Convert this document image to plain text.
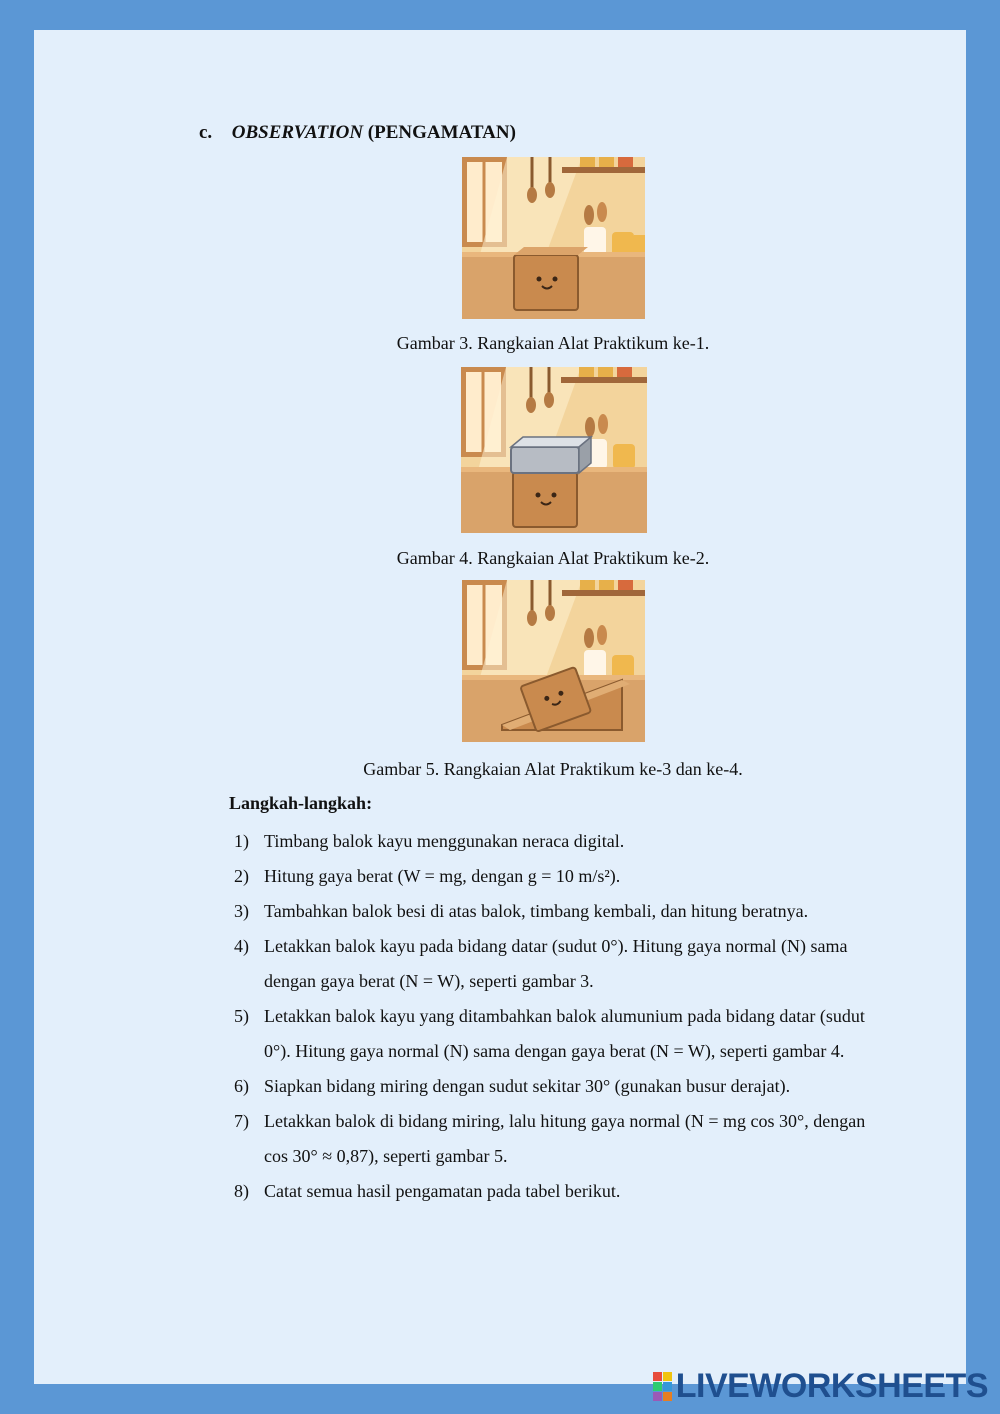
c. OBSERVATION (PENGAMATAN)
Gambar 3. Rangkaian Alat Praktikum ke-1.
Gambar 4. Rangkaian Alat Praktikum ke-2.
Gambar 5. Rangkaian Alat Praktikum ke-3 dan ke-4.
Langkah-langkah:
1) Timbang balok kayu menggunakan neraca digital.
2) Hitung gaya berat (W = mg, dengan g = 10 m/s²).
3) Tambahkan balok besi di atas balok, timbang kembali, dan hitung beratnya.
4) Letakkan balok kayu pada bidang datar (sudut 0°). Hitung gaya normal (N) sama dengan gaya berat (N = W), seperti gambar 3.
5) Letakkan balok kayu yang ditambahkan balok alumunium pada bidang datar (sudut 0°). Hitung gaya normal (N) sama dengan gaya berat (N = W), seperti gambar 4.
6) Siapkan bidang miring dengan sudut sekitar 30° (gunakan busur derajat).
7) Letakkan balok di bidang miring, lalu hitung gaya normal (N = mg cos 30°, dengan cos 30° ≈ 0,87), seperti gambar 5.
8) Catat semua hasil pengamatan pada tabel berikut.
LIVEWORKSHEETS
